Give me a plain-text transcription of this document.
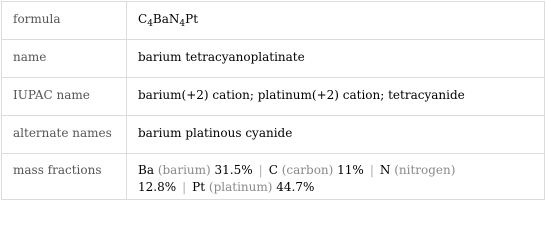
formula	$C_4BaN_4Pt$
name	barium tetracyanoplatinate
IUPAC name	barium(+2) cation; platinum(+2) cation; tetracyanide
alternate names	barium platinous cyanide
mass fractions	Ba (barium) 31.5% | C (carbon) 11% | N (nitrogen)
12.8% | Pt (platinum) 44.7%
